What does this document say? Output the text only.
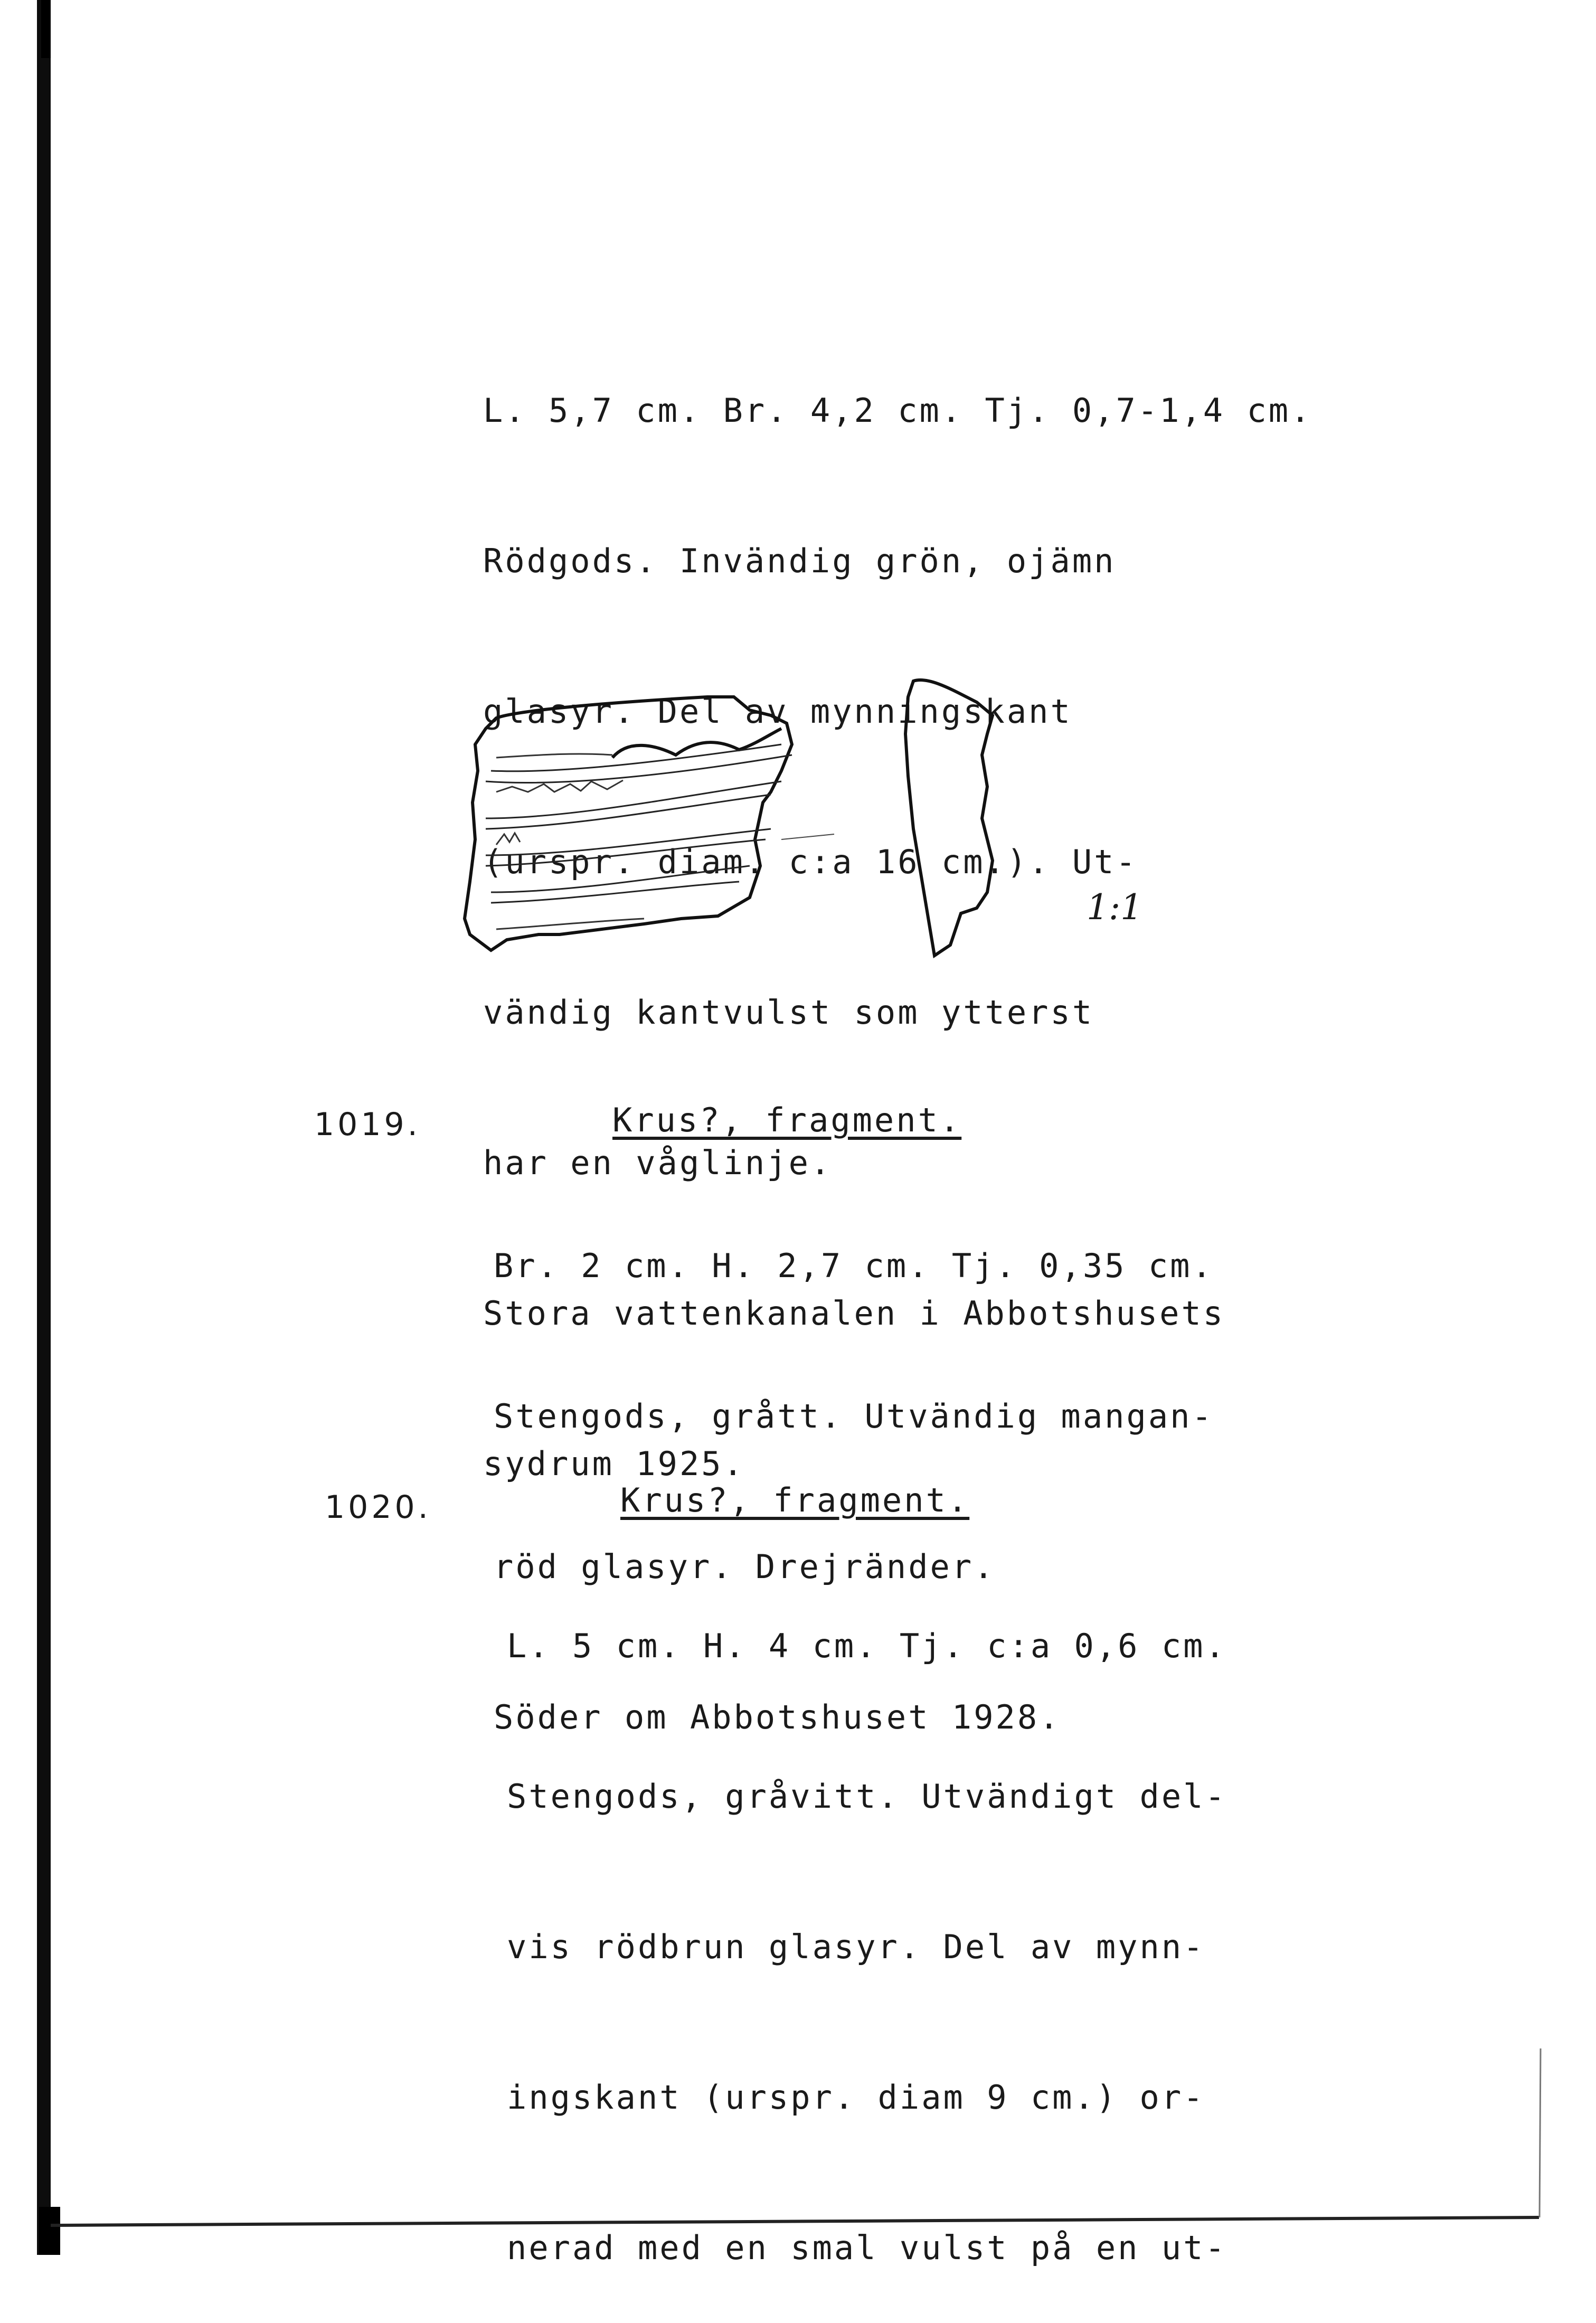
L. 5,7 cm. Br. 4,2 cm. Tj. 0,7-1,4 cm.

Rödgods. Invändig grön, ojämn

glasyr. Del av mynningskant

(urspr. diam. c:a 16 cm.). Ut-

vändig kantvulst som ytterst

har en våglinje.

Stora vattenkanalen i Abbotshusets

sydrum 1925.

1:1
1019.	Krus?, fragment.

Br. 2 cm. H. 2,7 cm. Tj. 0,35 cm.

Stengods, grått. Utvändig mangan-

röd glasyr. Drejränder.

Söder om Abbotshuset 1928.

1020.	Krus?, fragment.

L. 5 cm. H. 4 cm. Tj. c:a 0,6 cm.

Stengods, gråvitt. Utvändigt del-

vis rödbrun glasyr. Del av mynn-

ingskant (urspr. diam 9 cm.) or-

nerad med en smal vulst på en ut-
